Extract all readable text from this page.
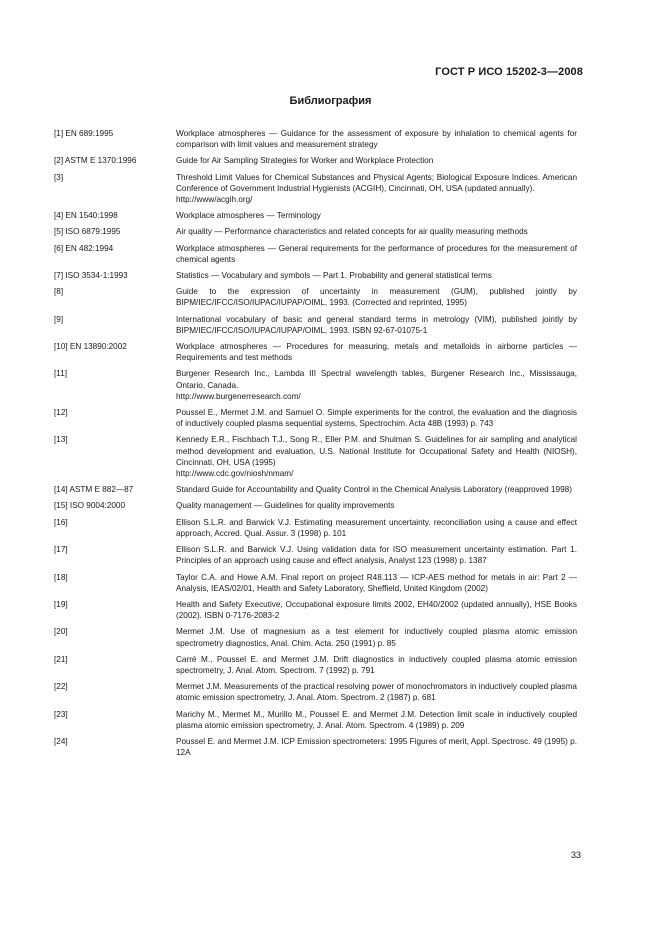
ГОСТ Р ИСО 15202-3—2008
Библиография
[1] EN 689:1995	Workplace atmospheres — Guidance for the assessment of exposure by inhalation to chemical agents for comparison with limit values and measurement strategy
[2] ASTM E 1370:1996	Guide for Air Sampling Strategies for Worker and Workplace Protection
[3]	Threshold Limit Values for Chemical Substances and Physical Agents; Biological Exposure Indices. American Conference of Government Industrial Hygienists (ACGIH), Cincinnati, OH, USA (updated annually).
http://www/acgih.org/
[4] EN 1540:1998	Workplace atmospheres — Terminology
[5] ISO 6879:1995	Air quality — Performance characteristics and related concepts for air quality measuring methods
[6] EN 482:1994	Workplace atmospheres — General requirements for the performance of procedures for the measurement of chemical agents
[7] ISO 3534-1:1993	Statistics — Vocabulary and symbols — Part 1. Probability and general statistical terms
[8]	Guide to the expression of uncertainty in measurement (GUM), published jointly by BIPM/IEC/IFCC/ISO/IUPAC/IUPAP/OIML, 1993. (Corrected and reprinted, 1995)
[9]	International vocabulary of basic and general standard terms in metrology (VIM), published jointly by BIPM/IEC/IFCC/ISO/IUPAC/IUPAP/OIML, 1993. ISBN 92-67-01075-1
[10] EN 13890:2002	Workplace atmospheres — Procedures for measuring, metals and metalloids in airborne particles — Requirements and test methods
[11]	Burgener Research Inc., Lambda III Spectral wavelength tables, Burgener Research Inc., Mississauga, Ontario, Canada.
http://www.burgenerresearch.com/
[12]	Poussel E., Mermet J.M. and Samuel O. Simple experiments for the control, the evaluation and the diagnosis of inductively coupled plasma sequential systems, Spectrochim. Acta 48B (1993) p. 743
[13]	Kennedy E.R., Fischbach T.J., Song R., Eller P.M. and Shulman S. Guidelines for air sampling and analytical method development and evaluation, U.S. National Institute for Occupational Safety and Health (NIOSH), Cincinnati, OH, USA (1995)
http://www.cdc.gov/niosh/nmam/
[14] ASTM E 882—87	Standard Guide for Accountability and Quality Control in the Chemical Analysis Laboratory (reapproved 1998)
[15] ISO 9004:2000	Quality management — Guidelines for quality improvements
[16]	Ellison S.L.R. and Barwick V.J. Estimating measurement uncertainty. reconciliation using a cause and effect approach, Accred. Qual. Assur. 3 (1998) p. 101
[17]	Ellison S.L.R. and Barwick V.J. Using validation data for ISO measurement uncertainty estimation. Part 1. Principles of an approach using cause and effect analysis, Analyst 123 (1998) p. 1387
[18]	Taylor C.A. and Howe A.M. Final report on project R48.113 — ICP-AES method for metals in air: Part 2 — Analysis, IEAS/02/01, Health and Safety Laboratory, Sheffield, United Kingdom (2002)
[19]	Health and Safety Executive, Occupational exposure limits 2002, EH40/2002 (updated annually), HSE Books (2002). ISBN 0-7176-2083-2
[20]	Mermet J.M. Use of magnesium as a test element for inductively coupled plasma atomic emission spectrometry diagnostics, Anal. Chim. Acta. 250 (1991) p. 85
[21]	Carré M., Poussel E. and Mermet J.M. Drift diagnostics in inductively coupled plasma atomic emission spectrometry, J. Anal. Atom. Spectrom. 7 (1992) p. 791
[22]	Mermet J.M. Measurements of the practical resolving power of monochromators in inductively coupled plasma atomic emission spectrometry, J. Anal. Atom. Spectrom. 2 (1987) p. 681
[23]	Marichy M., Mermet M., Murillo M., Poussel E. and Mermet J.M. Detection limit scale in inductively coupled plasma atomic emission spectrometry, J. Anal. Atom. Spectrom. 4 (1989) p. 209
[24]	Poussel E. and Mermet J.M. ICP Emission spectrometers: 1995 Figures of merit, Appl. Spectrosc. 49 (1995) p. 12A
33
